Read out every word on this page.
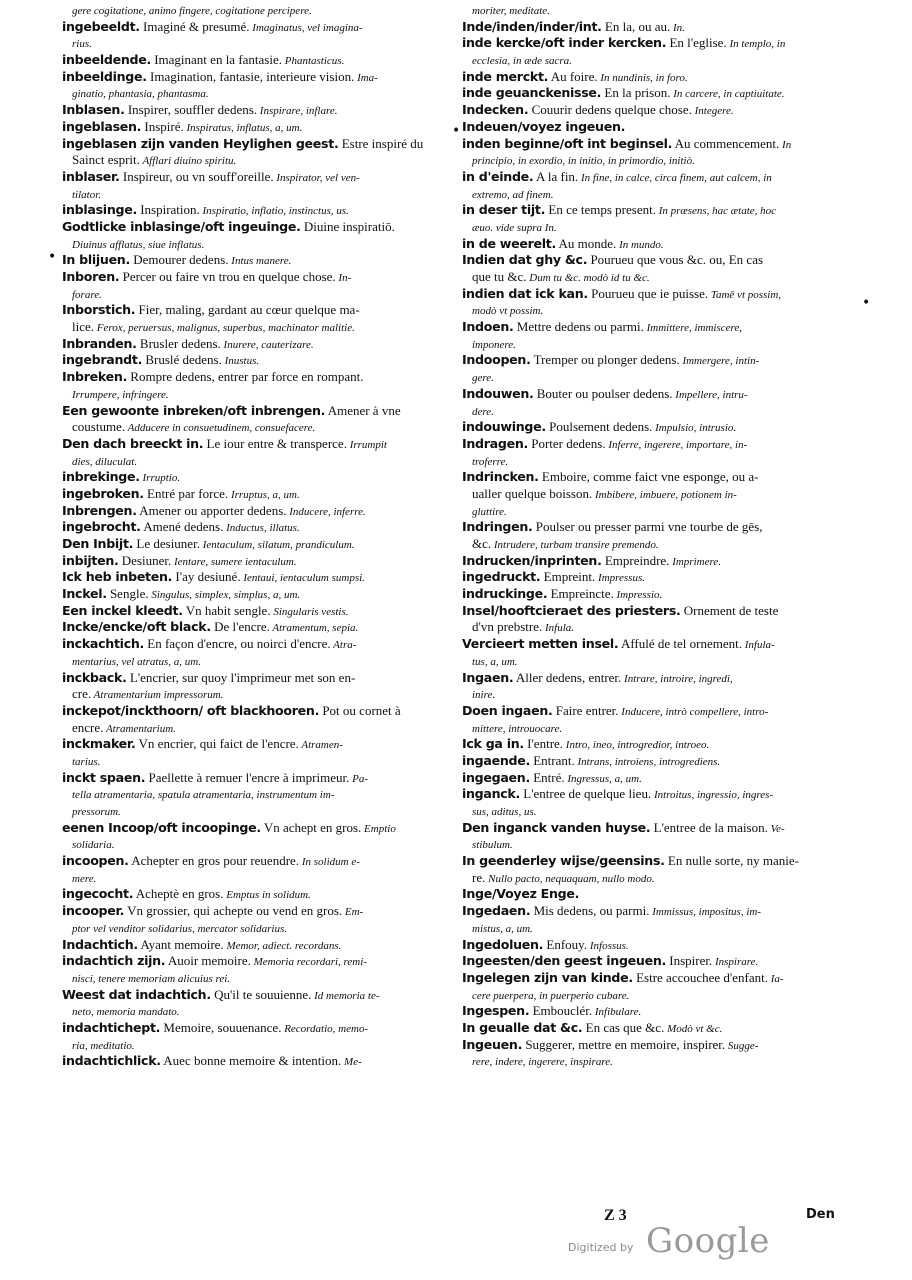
gere cogitatione, animo fingere, cogitatione percipere.
ingebeeldt. Imaginé & presumé. Imaginatus, vel imagina-
rius.
inbeeldende. Imaginant en la fantasie. Phantasticus.
inbeeldinge. Imagination, fantasie, interieure vision. Ima-
ginatio, phantasia, phantasma.
Inblasen. Inspirer, souffler dedens. Inspirare, inflare.
ingeblasen. Inspiré. Inspiratus, inflatus, a, um.
ingeblasen zijn vanden Heylighen geest. Estre inspiré du
Sainct esprit. Afflari diuino spiritu.
inblaser. Inspireur, ou vn souff'oreille. Inspirator, vel ven-
tilator.
inblasinge. Inspiration. Inspiratio, inflatio, instinctus, us.
Godtlicke inblasinge/oft ingeuinge. Diuine inspiratiō.
Diuinus afflatus, siue inflatus.
In blijuen. Demourer dedens. Intus manere.
Inboren. Percer ou faire vn trou en quelque chose. In-
forare.
Inborstich. Fier, maling, gardant au cœur quelque ma-
lice. Ferox, peruersus, malignus, superbus, machinator malitie.
Inbranden. Brusler dedens. Inurere, cauterizare.
ingebrandt. Bruslé dedens. Inustus.
Inbreken. Rompre dedens, entrer par force en rompant.
Irrumpere, infringere.
Een gewoonte inbreken/oft inbrengen. Amener à vne
coustume. Adducere in consuetudinem, consuefacere.
Den dach breeckt in. Le iour entre & transperce. Irrumpit
dies, diluculat.
inbrekinge. Irruptio.
ingebroken. Entré par force. Irruptus, a, um.
Inbrengen. Amener ou apporter dedens. Inducere, inferre.
ingebrocht. Amené dedens. Inductus, illatus.
Den Inbijt. Le desiuner. Ientaculum, silatum, prandiculum.
inbijten. Desiuner. Ientare, sumere ientaculum.
Ick heb inbeten. I'ay desiuné. Ientaui, ientaculum sumpsi.
Inckel. Sengle. Singulus, simplex, simplus, a, um.
Een inckel kleedt. Vn habit sengle. Singularis vestis.
Incke/encke/oft black. De l'encre. Atramentum, sepia.
inckachtich. En façon d'encre, ou noirci d'encre. Atra-
mentarius, vel atratus, a, um.
inckback. L'encrier, sur quoy l'imprimeur met son en-
cre. Atramentarium impressorum.
inckepot/inckthoorn/ oft blackhooren. Pot ou cornet à
encre. Atramentarium.
inckmaker. Vn encrier, qui faict de l'encre. Atramen-
tarius.
inckt spaen. Paellette à remuer l'encre à imprimeur. Pa-
tella atramentaria, spatula atramentaria, instrumentum im-
pressorum.
eenen Incoop/oft incoopinge. Vn achept en gros. Emptio
solidaria.
incoopen. Achepter en gros pour reuendre. In solidum e-
mere.
ingecocht. Acheptè en gros. Emptus in solidum.
incooper. Vn grossier, qui achepte ou vend en gros. Em-
ptor vel venditor solidarius, mercator solidarius.
Indachtich. Ayant memoire. Memor, adiect. recordans.
indachtich zijn. Auoir memoire. Memoria recordari, remi-
nisci, tenere memoriam alicuius rei.
Weest dat indachtich. Qu'il te souuienne. Id memoria te-
neto, memoria mandato.
indachtichept. Memoire, souuenance. Recordatio, memo-
ria, meditatio.
indachtichlick. Auec bonne memoire & intention. Me-
moriter, meditate.
Inde/inden/inder/int. En la, ou au. In.
inde kercke/oft inder kercken. En l'eglise. In templo, in
ecclesia, in æde sacra.
inde merckt. Au foire. In nundinis, in foro.
inde geuanckenisse. En la prison. In carcere, in captiuitate.
Indecken. Couurir dedens quelque chose. Integere.
Indeuen/voyez ingeuen.
inden beginne/oft int beginsel. Au commencement. In
principio, in exordio, in initio, in primordio, initiò.
in d'einde. A la fin. In fine, in calce, circa finem, aut calcem, in
extremo, ad finem.
in deser tijt. En ce temps present. In præsens, hac ætate, hoc
æuo. vide supra In.
in de weerelt. Au monde. In mundo.
Indien dat ghy &c. Pourueu que vous &c. ou, En cas
que tu &c. Dum tu &c. modò id tu &c.
indien dat ick kan. Pourueu que ie puisse. Tamē vt possim,
modò vt possim.
Indoen. Mettre dedens ou parmi. Immittere, immiscere,
imponere.
Indoopen. Tremper ou plonger dedens. Immergere, intin-
gere.
Indouwen. Bouter ou poulser dedens. Impellere, intru-
dere.
indouwinge. Poulsement dedens. Impulsio, intrusio.
Indragen. Porter dedens. Inferre, ingerere, importare, in-
troferre.
Indrincken. Emboire, comme faict vne esponge, ou a-
ualler quelque boisson. Imbibere, imbuere, potionem in-
gluttire.
Indringen. Poulser ou presser parmi vne tourbe de gēs,
&c. Intrudere, turbam transire premendo.
Indrucken/inprinten. Empreindre. Imprimere.
ingedruckt. Empreint. Impressus.
indruckinge. Empreincte. Impressio.
Insel/hooftcieraet des priesters. Ornement de teste
d'vn prebstre. Infula.
Vercieert metten insel. Affulé de tel ornement. Infula-
tus, a, um.
Ingaen. Aller dedens, entrer. Intrare, introire, ingredi,
inire.
Doen ingaen. Faire entrer. Inducere, intrò compellere, intro-
mittere, introuocare.
Ick ga in. I'entre. Intro, ineo, introgredior, introeo.
ingaende. Entrant. Intrans, introiens, introgrediens.
ingegaen. Entré. Ingressus, a, um.
inganck. L'entree de quelque lieu. Introitus, ingressio, ingres-
sus, aditus, us.
Den inganck vanden huyse. L'entree de la maison. Ve-
stibulum.
In geenderley wijse/geensins. En nulle sorte, ny manie-
re. Nullo pacto, nequaquam, nullo modo.
Inge/Voyez Enge.
Ingedaen. Mis dedens, ou parmi. Immissus, impositus, im-
mistus, a, um.
Ingedoluen. Enfouy. Infossus.
Ingeesten/den geest ingeuen. Inspirer. Inspirare.
Ingelegen zijn van kinde. Estre accouchee d'enfant. Ia-
cere puerpera, in puerperio cubare.
Ingespen. Embouclér. Infibulare.
In geualle dat &c. En cas que &c. Modò vt &c.
Ingeuen. Suggerer, mettre en memoire, inspirer. Sugge-
rere, indere, ingerere, inspirare.
•
•
•
Z 3	Den
Digitized by Google
